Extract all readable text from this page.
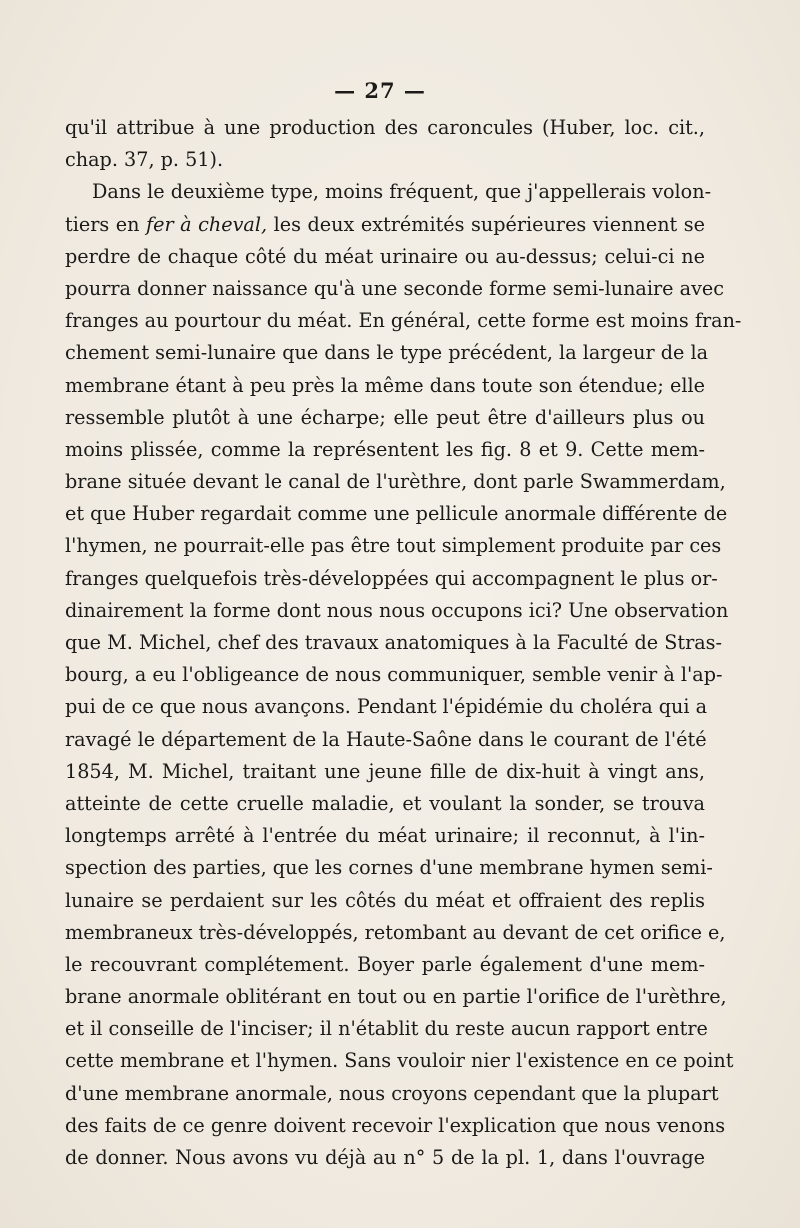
— 27 —
qu'il attribue à une production des caroncules (Huber, loc. cit.,
chap. 37, p. 51).
Dans le deuxième type, moins fréquent, que j'appellerais volon-
tiers en fer à cheval, les deux extrémités supérieures viennent se
perdre de chaque côté du méat urinaire ou au-dessus; celui-ci ne
pourra donner naissance qu'à une seconde forme semi-lunaire avec
franges au pourtour du méat. En général, cette forme est moins fran-
chement semi-lunaire que dans le type précédent, la largeur de la
membrane étant à peu près la même dans toute son étendue; elle
ressemble plutôt à une écharpe; elle peut être d'ailleurs plus ou
moins plissée, comme la représentent les fig. 8 et 9. Cette mem-
brane située devant le canal de l'urèthre, dont parle Swammerdam,
et que Huber regardait comme une pellicule anormale différente de
l'hymen, ne pourrait-elle pas être tout simplement produite par ces
franges quelquefois très-développées qui accompagnent le plus or-
dinairement la forme dont nous nous occupons ici? Une observation
que M. Michel, chef des travaux anatomiques à la Faculté de Stras-
bourg, a eu l'obligeance de nous communiquer, semble venir à l'ap-
pui de ce que nous avançons. Pendant l'épidémie du choléra qui a
ravagé le département de la Haute-Saône dans le courant de l'été
1854, M. Michel, traitant une jeune fille de dix-huit à vingt ans,
atteinte de cette cruelle maladie, et voulant la sonder, se trouva
longtemps arrêté à l'entrée du méat urinaire; il reconnut, à l'in-
spection des parties, que les cornes d'une membrane hymen semi-
lunaire se perdaient sur les côtés du méat et offraient des replis
membraneux très-développés, retombant au devant de cet orifice e,
le recouvrant complétement. Boyer parle également d'une mem-
brane anormale oblitérant en tout ou en partie l'orifice de l'urèthre,
et il conseille de l'inciser; il n'établit du reste aucun rapport entre
cette membrane et l'hymen. Sans vouloir nier l'existence en ce point
d'une membrane anormale, nous croyons cependant que la plupart
des faits de ce genre doivent recevoir l'explication que nous venons
de donner. Nous avons vu déjà au n° 5 de la pl. 1, dans l'ouvrage
